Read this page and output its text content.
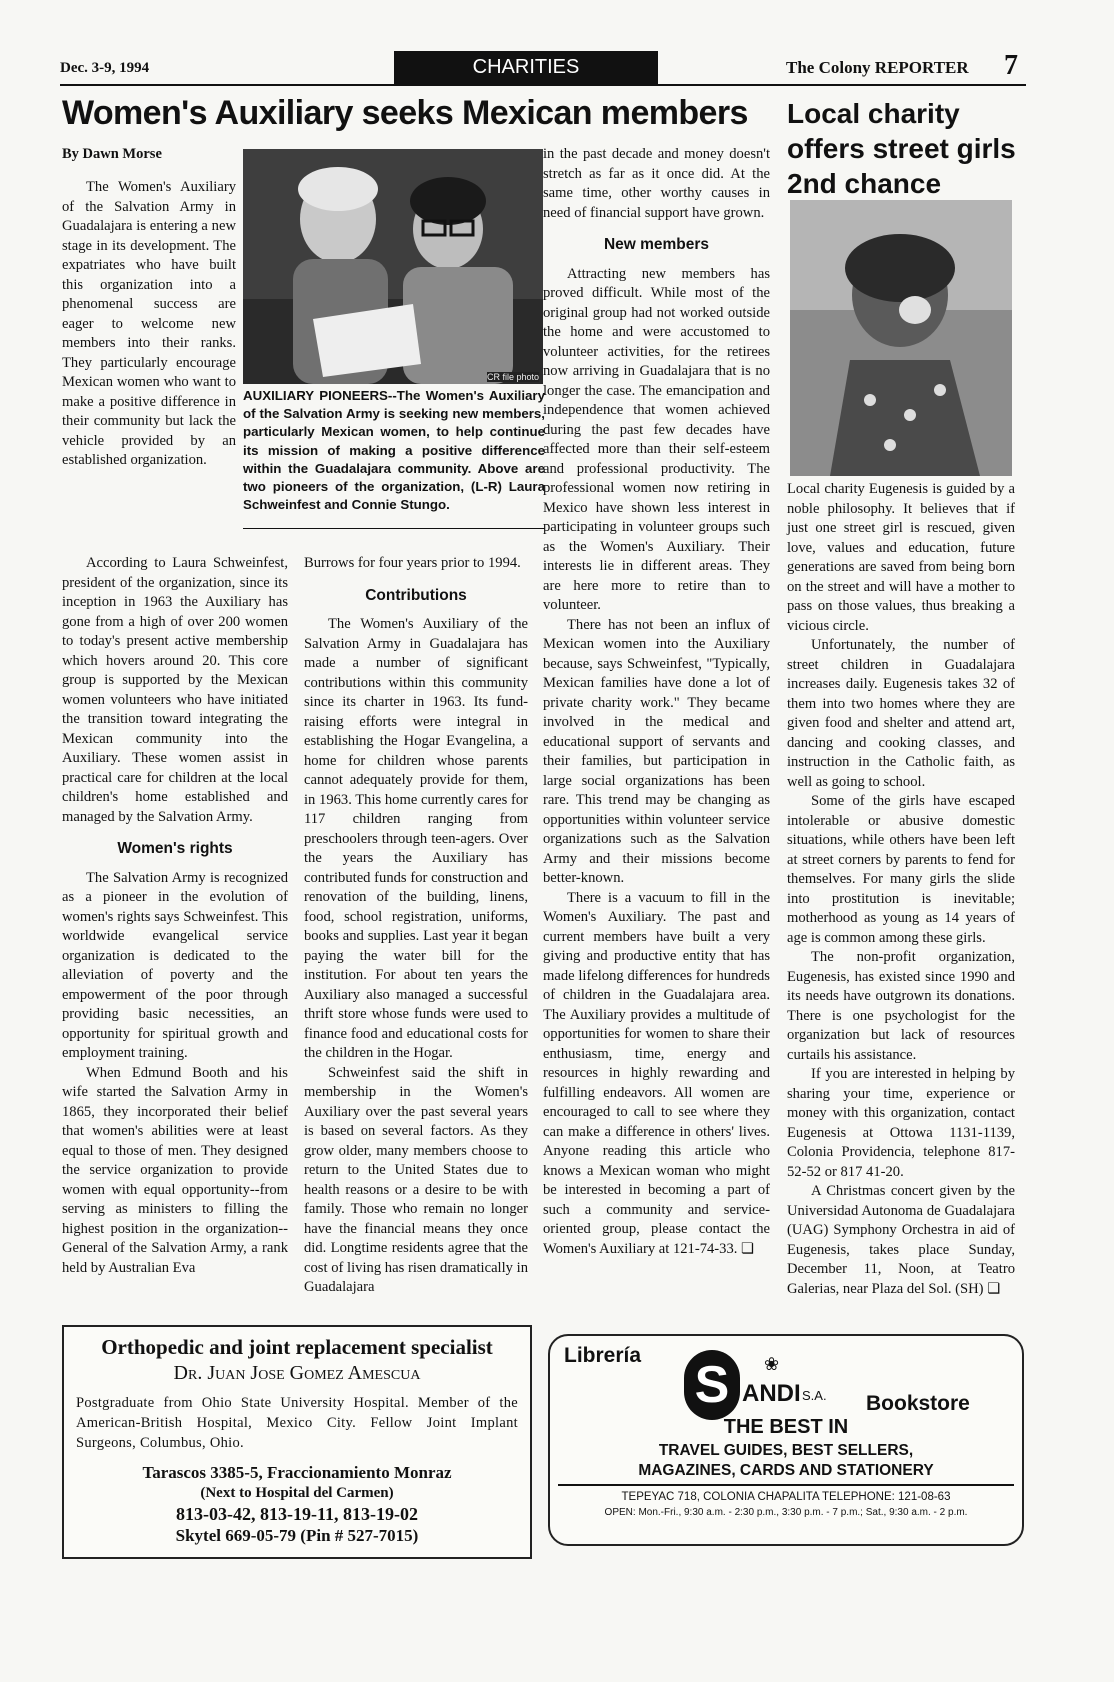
Dec. 3-9, 1994	CHARITIES	The Colony REPORTER 7
Women's Auxiliary seeks Mexican members
By Dawn Morse
CR file photo
AUXILIARY PIONEERS--The Women's Auxiliary of the Salvation Army is seeking new members, particularly Mexican women, to help continue its mission of making a positive difference within the Guadalajara community. Above are two pioneers of the organization, (L-R) Laura Schweinfest and Connie Stungo.

The Women's Auxiliary of the Salvation Army in Guadalajara is entering a new stage in its development. The expatriates who have built this organization into a phenomenal success are eager to welcome new members into their ranks. They particularly encourage Mexican women who want to make a positive difference in their community but lack the vehicle provided by an established organization.

According to Laura Schweinfest, president of the organization, since its inception in 1963 the Auxiliary has gone from a high of over 200 women to today's present active membership which hovers around 20. This core group is supported by the Mexican women volunteers who have initiated the transition toward integrating the Mexican community into the Auxiliary. These women assist in practical care for children at the local children's home established and managed by the Salvation Army.

Women's rights

The Salvation Army is recognized as a pioneer in the evolution of women's rights says Schweinfest. This worldwide evangelical service organization is dedicated to the alleviation of poverty and the empowerment of the poor through providing basic necessities, an opportunity for spiritual growth and employment training.

When Edmund Booth and his wife started the Salvation Army in 1865, they incorporated their belief that women's abilities were at least equal to those of men. They designed the service organization to provide women with equal opportunity--from serving as ministers to filling the highest position in the organization--General of the Salvation Army, a rank held by Australian Eva

Burrows for four years prior to 1994.

Contributions

The Women's Auxiliary of the Salvation Army in Guadalajara has made a number of significant contributions within this community since its charter in 1963. Its fund-raising efforts were integral in establishing the Hogar Evangelina, a home for children whose parents cannot adequately provide for them, in 1963. This home currently cares for 117 children ranging from preschoolers through teen-agers. Over the years the Auxiliary has contributed funds for construction and renovation of the building, linens, food, school registration, uniforms, books and supplies. Last year it began paying the water bill for the institution. For about ten years the Auxiliary also managed a successful thrift store whose funds were used to finance food and educational costs for the children in the Hogar.

Schweinfest said the shift in membership in the Women's Auxiliary over the past several years is based on several factors. As they grow older, many members choose to return to the United States due to health reasons or a desire to be with family. Those who remain no longer have the financial means they once did. Longtime residents agree that the cost of living has risen dramatically in Guadalajara

in the past decade and money doesn't stretch as far as it once did. At the same time, other worthy causes in need of financial support have grown.

New members

Attracting new members has proved difficult. While most of the original group had not worked outside the home and were accustomed to volunteer activities, for the retirees now arriving in Guadalajara that is no longer the case. The emancipation and independence that women achieved during the past few decades have affected more than their self-esteem and professional productivity. The professional women now retiring in Mexico have shown less interest in participating in volunteer groups such as the Women's Auxiliary. Their interests lie in different areas. They are here more to retire than to volunteer.

There has not been an influx of Mexican women into the Auxiliary because, says Schweinfest, "Typically, Mexican families have done a lot of private charity work." They became involved in the medical and educational support of servants and their families, but participation in large social organizations has been rare. This trend may be changing as opportunities within volunteer service organizations such as the Salvation Army and their missions become better-known.

There is a vacuum to fill in the Women's Auxiliary. The past and current members have built a very giving and productive entity that has made lifelong differences for hundreds of children in the Guadalajara area. The Auxiliary provides a multitude of opportunities for women to share their enthusiasm, time, energy and resources in highly rewarding and fulfilling endeavors. All women are encouraged to call to see where they can make a difference in others' lives. Anyone reading this article who knows a Mexican woman who might be interested in becoming a part of such a community and service-oriented group, please contact the Women's Auxiliary at 121-74-33. ❏

Local charity offers street girls 2nd chance

Local charity Eugenesis is guided by a noble philosophy. It believes that if just one street girl is rescued, given love, values and education, future generations are saved from being born on the street and will have a mother to pass on those values, thus breaking a vicious circle.

Unfortunately, the number of street children in Guadalajara increases daily. Eugenesis takes 32 of them into two homes where they are given food and shelter and attend art, dancing and cooking classes, and instruction in the Catholic faith, as well as going to school.

Some of the girls have escaped intolerable or abusive domestic situations, while others have been left at street corners by parents to fend for themselves. For many girls the slide into prostitution is inevitable; motherhood as young as 14 years of age is common among these girls.

The non-profit organization, Eugenesis, has existed since 1990 and its needs have outgrown its donations. There is one psychologist for the organization but lack of resources curtails his assistance.

If you are interested in helping by sharing your time, experience or money with this organization, contact Eugenesis at Ottowa 1131-1139, Colonia Providencia, telephone 817-52-52 or 817 41-20.

A Christmas concert given by the Universidad Autonoma de Guadalajara (UAG) Symphony Orchestra in aid of Eugenesis, takes place Sunday, December 11, Noon, at Teatro Galerias, near Plaza del Sol. (SH) ❏

Orthopedic and joint replacement specialist
Dr. Juan Jose Gomez Amescua
Postgraduate from Ohio State University Hospital. Member of the American-British Hospital, Mexico City. Fellow Joint Implant Surgeons, Columbus, Ohio.
Tarascos 3385-5, Fraccionamiento Monraz
(Next to Hospital del Carmen)
813-03-42, 813-19-11, 813-19-02
Skytel 669-05-79 (Pin # 527-7015)
Librería
S	❀
ANDI S.A. Bookstore
THE BEST IN
TRAVEL GUIDES, BEST SELLERS,
MAGAZINES, CARDS AND STATIONERY
TEPEYAC 718, COLONIA CHAPALITA TELEPHONE: 121-08-63
OPEN: Mon.-Fri., 9:30 a.m. - 2:30 p.m., 3:30 p.m. - 7 p.m.; Sat., 9:30 a.m. - 2 p.m.
